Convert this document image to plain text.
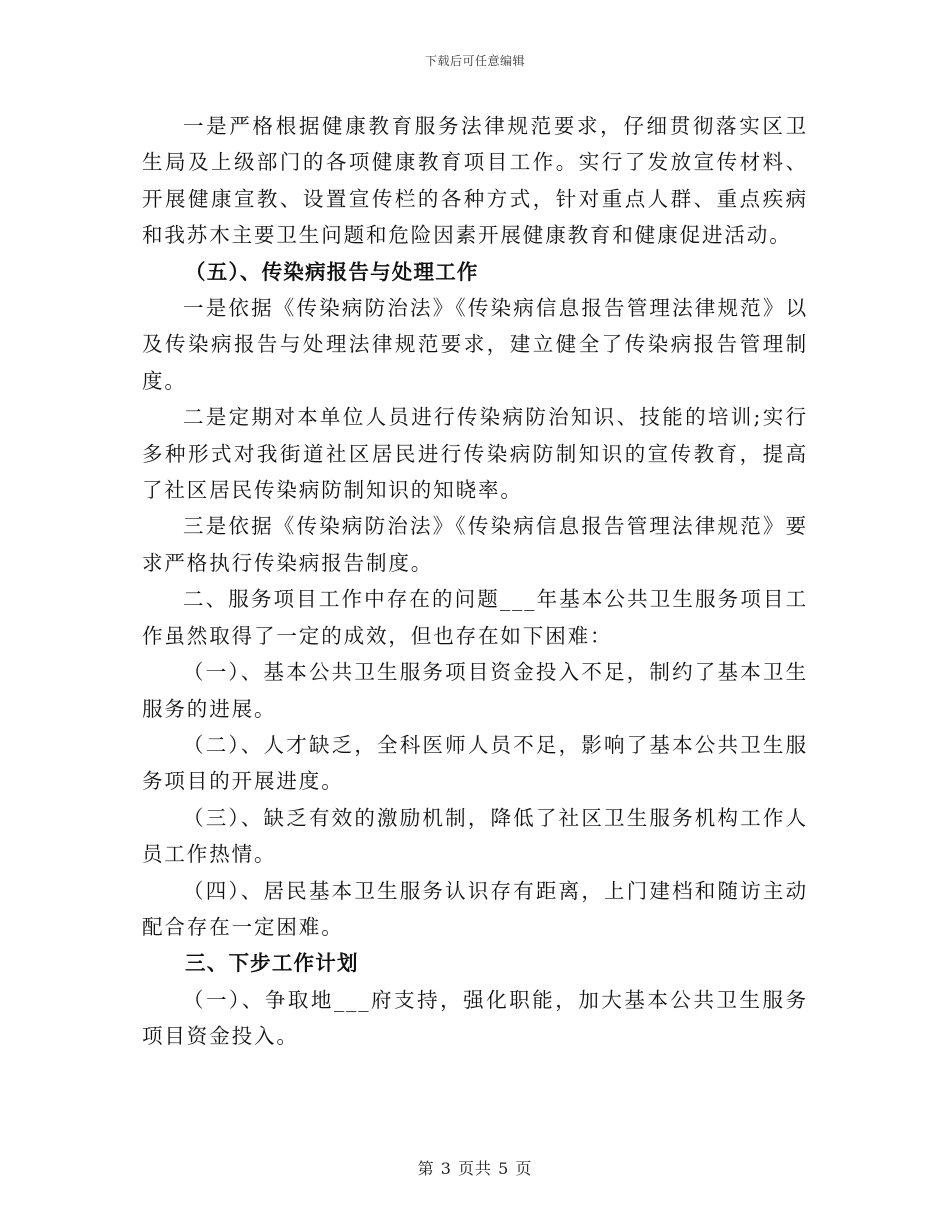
下载后可任意编辑

一是严格根据健康教育服务法律规范要求，仔细贯彻落实区卫生局及上级部门的各项健康教育项目工作。实行了发放宣传材料、开展健康宣教、设置宣传栏的各种方式，针对重点人群、重点疾病和我苏木主要卫生问题和危险因素开展健康教育和健康促进活动。

（五）、传染病报告与处理工作

一是依据《传染病防治法》《传染病信息报告管理法律规范》以及传染病报告与处理法律规范要求，建立健全了传染病报告管理制度。

二是定期对本单位人员进行传染病防治知识、技能的培训;实行多种形式对我街道社区居民进行传染病防制知识的宣传教育，提高了社区居民传染病防制知识的知晓率。

三是依据《传染病防治法》《传染病信息报告管理法律规范》要求严格执行传染病报告制度。

二、服务项目工作中存在的问题___年基本公共卫生服务项目工作虽然取得了一定的成效，但也存在如下困难：

（一）、基本公共卫生服务项目资金投入不足，制约了基本卫生服务的进展。

（二）、人才缺乏，全科医师人员不足，影响了基本公共卫生服务项目的开展进度。

（三）、缺乏有效的激励机制，降低了社区卫生服务机构工作人员工作热情。

（四）、居民基本卫生服务认识存有距离，上门建档和随访主动配合存在一定困难。

三、下步工作计划

（一）、争取地___府支持，强化职能，加大基本公共卫生服务项目资金投入。

第 3 页共 5 页
